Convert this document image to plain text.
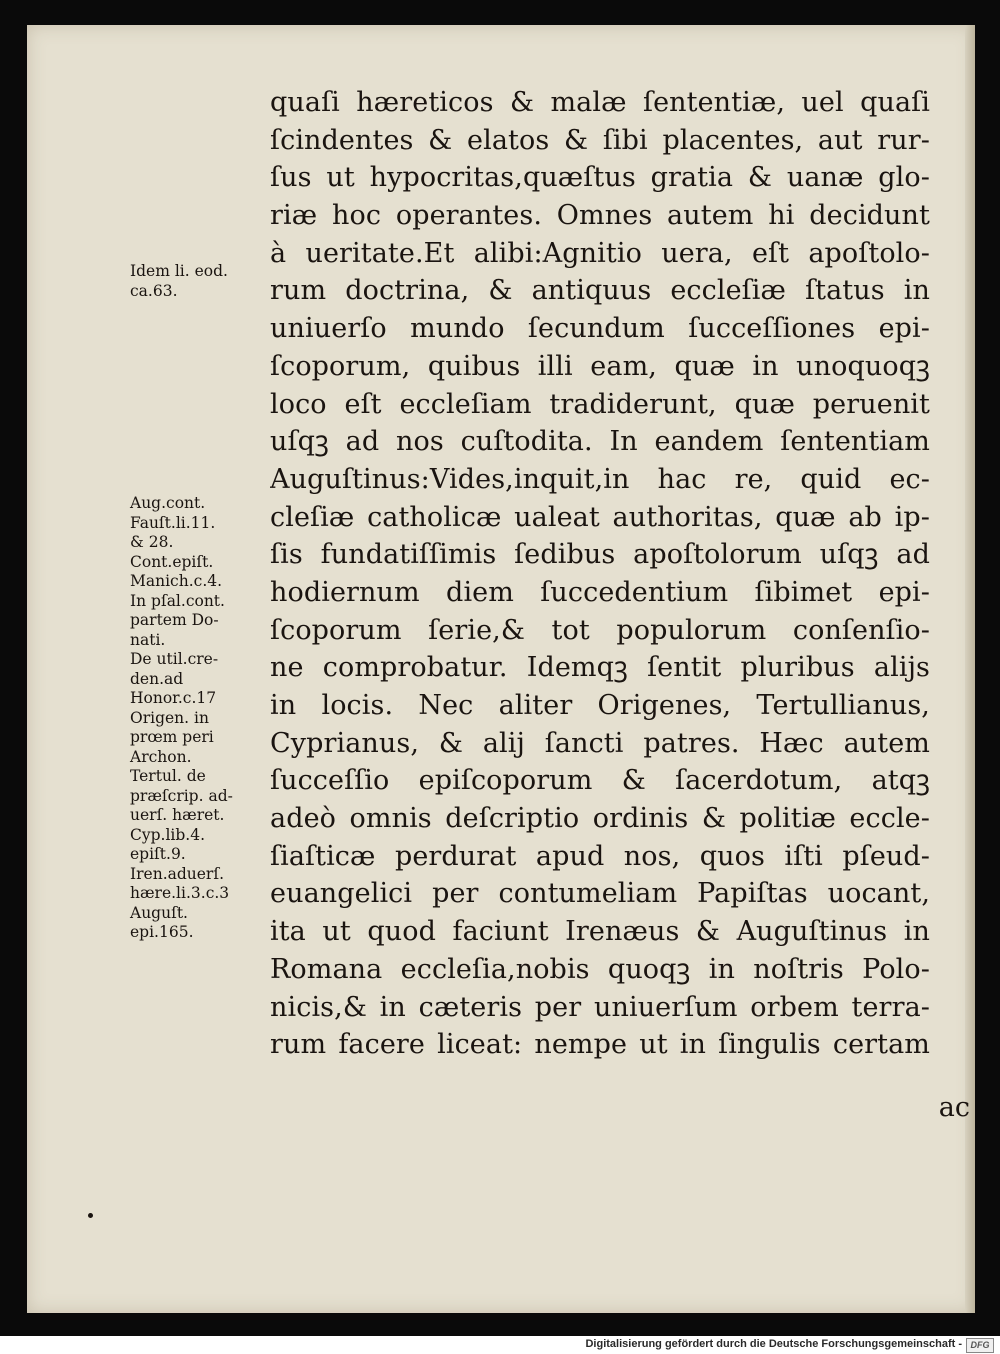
quaſi hæreticos & malæ ſententiæ, uel quaſi
ſcindentes & elatos & ſibi placentes, aut rur-
ſus ut hypocritas,quæſtus gratia & uanæ glo-
riæ hoc operantes. Omnes autem hi decidunt
à ueritate.Et alibi:Agnitio uera, eſt apoſtolo-
rum doctrina, & antiquus eccleſiæ ſtatus in
uniuerſo mundo ſecundum ſucceſſiones epi-
ſcoporum, quibus illi eam, quæ in unoquoqꝫ
loco eſt eccleſiam tradiderunt, quæ peruenit
uſqꝫ ad nos cuſtodita. In eandem ſententiam
Auguſtinus:Vides,inquit,in hac re, quid ec-
cleſiæ catholicæ ualeat authoritas, quæ ab ip-
ſis fundatiſſimis ſedibus apoſtolorum uſqꝫ ad
hodiernum diem ſuccedentium ſibimet epi-
ſcoporum ſerie,& tot populorum conſenſio-
ne comprobatur. Idemqꝫ ſentit pluribus alijs
in locis. Nec aliter Origenes, Tertullianus,
Cyprianus, & alij ſancti patres. Hæc autem
ſucceſſio epiſcoporum & ſacerdotum, atqꝫ
adeò omnis deſcriptio ordinis & politiæ eccle-
ſiaſticæ perdurat apud nos, quos iſti pſeud-
euangelici per contumeliam Papiſtas uocant,
ita ut quod faciunt Irenæus & Auguſtinus in
Romana eccleſia,nobis quoqꝫ in noſtris Polo-
nicis,& in cæteris per uniuerſum orbem terra-
rum facere liceat: nempe ut in ſingulis certam
Idem li. eod.
ca.63.
Aug.cont.
Fauſt.li.11.
& 28.
Cont.epiſt.
Manich.c.4.
In pſal.cont.
partem Do-
nati.
De util.cre-
den.ad
Honor.c.17
Origen. in
prœm peri
Archon.
Tertul. de
præſcrip. ad-
uerſ. hæret.
Cyp.lib.4.
epiſt.9.
Iren.aduerſ.
hære.li.3.c.3
Auguſt.
epi.165.
ac
Digitalisierung gefördert durch die Deutsche Forschungsgemeinschaft - DFG
